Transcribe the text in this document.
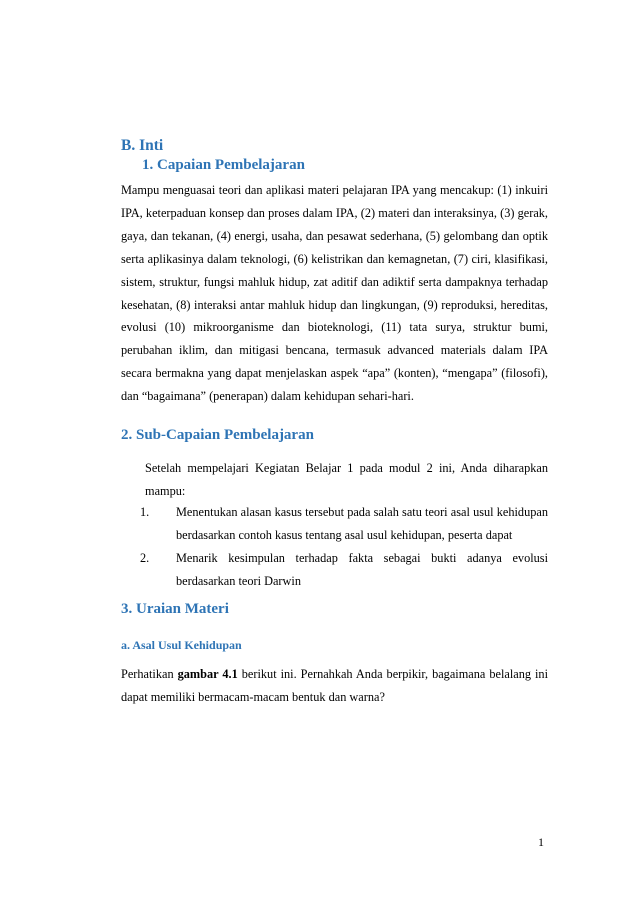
B. Inti
1. Capaian Pembelajaran

Mampu menguasai teori dan aplikasi materi pelajaran IPA yang mencakup: (1) inkuiri IPA, keterpaduan konsep dan proses dalam IPA, (2) materi dan interaksinya, (3) gerak, gaya, dan tekanan, (4) energi, usaha, dan pesawat sederhana, (5) gelombang dan optik serta aplikasinya dalam teknologi, (6) kelistrikan dan kemagnetan, (7) ciri, klasifikasi, sistem, struktur, fungsi mahluk hidup, zat aditif dan adiktif serta dampaknya terhadap kesehatan, (8) interaksi antar mahluk hidup dan lingkungan, (9) reproduksi, hereditas, evolusi (10) mikroorganisme dan bioteknologi, (11) tata surya, struktur bumi, perubahan iklim, dan mitigasi bencana, termasuk advanced materials dalam IPA secara bermakna yang dapat menjelaskan aspek “apa” (konten), “mengapa” (filosofi), dan “bagaimana” (penerapan) dalam kehidupan sehari-hari.

2. Sub-Capaian Pembelajaran

Setelah mempelajari Kegiatan Belajar 1 pada modul 2 ini, Anda diharapkan mampu:

1. Menentukan alasan kasus tersebut pada salah satu teori asal usul kehidupan berdasarkan contoh kasus tentang asal usul kehidupan, peserta dapat
2. Menarik kesimpulan terhadap fakta sebagai bukti adanya evolusi berdasarkan teori Darwin
3. Uraian Materi
a. Asal Usul Kehidupan

Perhatikan gambar 4.1 berikut ini. Pernahkah Anda berpikir, bagaimana belalang ini dapat memiliki bermacam-macam bentuk dan warna?

1
